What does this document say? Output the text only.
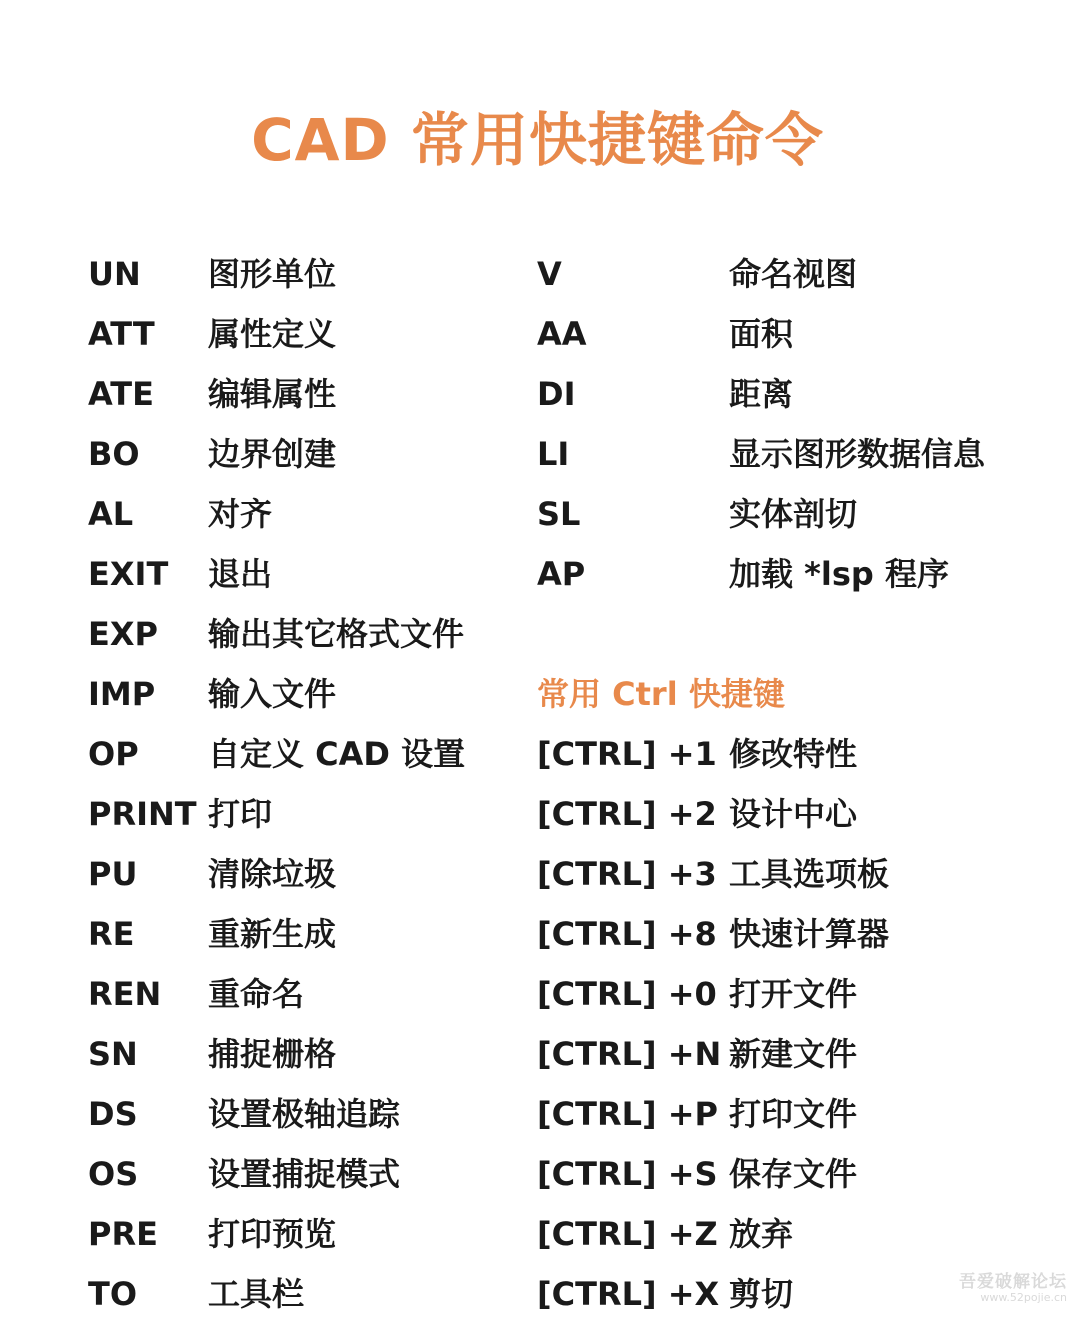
CAD 常用快捷键命令
UN 图形单位
ATT 属性定义
ATE 编辑属性
BO 边界创建
AL 对齐
EXIT 退出
EXP 输出其它格式文件
IMP 输入文件
OP 自定义 CAD 设置
PRINT 打印
PU 清除垃圾
RE 重新生成
REN 重命名
SN 捕捉栅格
DS 设置极轴追踪
OS 设置捕捉模式
PRE 打印预览
TO 工具栏
V	命名视图
AA	面积
DI	距离
LI	显示图形数据信息
SL	实体剖切
AP	加载 *lsp 程序
常用 Ctrl 快捷键
[CTRL] +1 修改特性
[CTRL] +2 设计中心
[CTRL] +3 工具选项板
[CTRL] +8 快速计算器
[CTRL] +0 打开文件
[CTRL] +N 新建文件
[CTRL] +P 打印文件
[CTRL] +S 保存文件
[CTRL] +Z 放弃
[CTRL] +X 剪切	吾爱破解论坛
www.52pojie.cn
